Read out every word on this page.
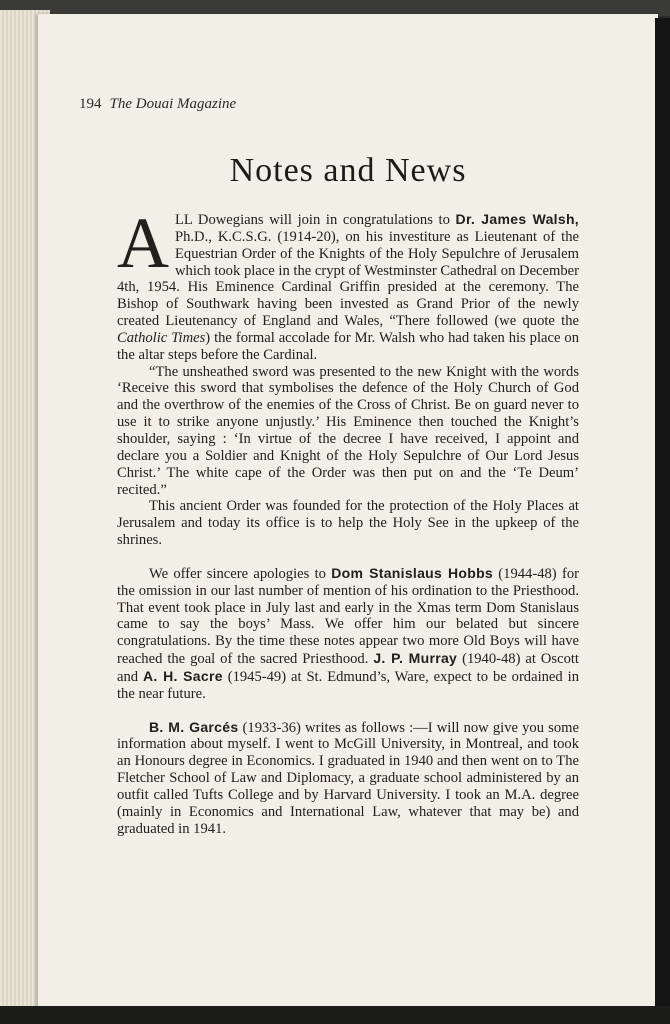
194 The Douai Magazine
Notes and News

ALL Dowegians will join in congratulations to Dr. James Walsh, Ph.D., K.C.S.G. (1914-20), on his investiture as Lieutenant of the Equestrian Order of the Knights of the Holy Sepulchre of Jerusalem which took place in the crypt of Westminster Cathedral on December 4th, 1954. His Eminence Cardinal Griffin presided at the ceremony. The Bishop of Southwark having been invested as Grand Prior of the newly created Lieutenancy of England and Wales, “There followed (we quote the Catholic Times) the formal accolade for Mr. Walsh who had taken his place on the altar steps before the Cardinal.

“The unsheathed sword was presented to the new Knight with the words ‘Receive this sword that symbolises the defence of the Holy Church of God and the overthrow of the enemies of the Cross of Christ. Be on guard never to use it to strike anyone unjustly.’ His Eminence then touched the Knight’s shoulder, saying : ‘In virtue of the decree I have received, I appoint and declare you a Soldier and Knight of the Holy Sepulchre of Our Lord Jesus Christ.’ The white cape of the Order was then put on and the ‘Te Deum’ recited.”

This ancient Order was founded for the protection of the Holy Places at Jerusalem and today its office is to help the Holy See in the upkeep of the shrines.

We offer sincere apologies to Dom Stanislaus Hobbs (1944-48) for the omission in our last number of mention of his ordination to the Priesthood. That event took place in July last and early in the Xmas term Dom Stanislaus came to say the boys’ Mass. We offer him our belated but sincere congratulations. By the time these notes appear two more Old Boys will have reached the goal of the sacred Priesthood. J. P. Murray (1940-48) at Oscott and A. H. Sacre (1945-49) at St. Edmund’s, Ware, expect to be ordained in the near future.

B. M. Garcés (1933-36) writes as follows :—I will now give you some information about myself. I went to McGill University, in Montreal, and took an Honours degree in Economics. I graduated in 1940 and then went on to The Fletcher School of Law and Diplomacy, a graduate school administered by an outfit called Tufts College and by Harvard University. I took an M.A. degree (mainly in Economics and International Law, whatever that may be) and graduated in 1941.
